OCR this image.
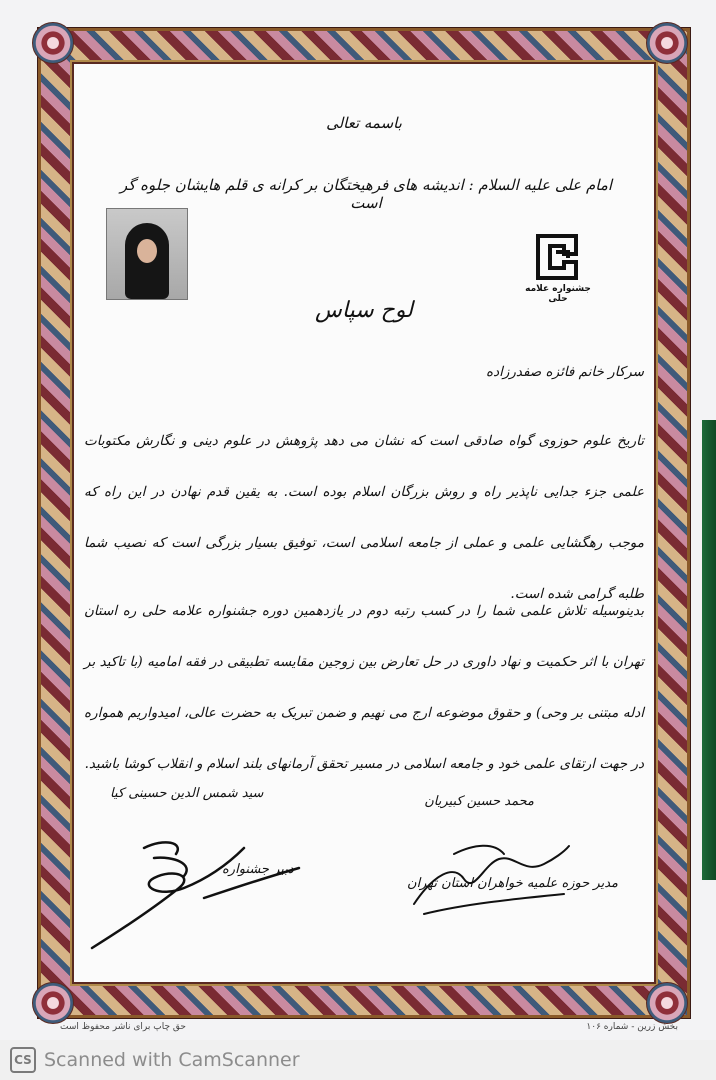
باسمه تعالی
امام علی علیه السلام : اندیشه های فرهیختگان بر کرانه ی قلم هایشان جلوه گر است
جشنواره علامه حلی
لوح سپاس
سرکار خانم فائزه صفدرزاده
تاریخ علوم حوزوی گواه صادقی است که نشان می دهد پژوهش در علوم دینی و نگارش مکتوبات علمی جزء جدایی ناپذیر راه و روش بزرگان اسلام بوده است. به یقین قدم نهادن در این راه که موجب رهگشایی علمی و عملی از جامعه اسلامی است، توفیق بسیار بزرگی است که نصیب شما طلبه گرامی شده است.
بدینوسیله تلاش علمی شما را در کسب رتبه دوم در یازدهمین دوره جشنواره علامه حلی ره استان تهران با اثر حکمیت و نهاد داوری در حل تعارض بین زوجین مقایسه تطبیقی در فقه امامیه (با تاکید بر ادله مبتنی بر وحی) و حقوق موضوعه ارج می نهیم و ضمن تبریک به حضرت عالی، امیدواریم همواره در جهت ارتقای علمی خود و جامعه اسلامی در مسیر تحقق آرمانهای بلند اسلام و انقلاب کوشا باشید.
محمد حسین کبیریان
مدیر حوزه علمیه خواهران استان تهران
سید شمس الدین حسینی کیا
دبیر جشنواره
بخش زرین - شماره ۱۰۶
حق چاپ برای ناشر محفوظ است
CS Scanned with CamScanner
